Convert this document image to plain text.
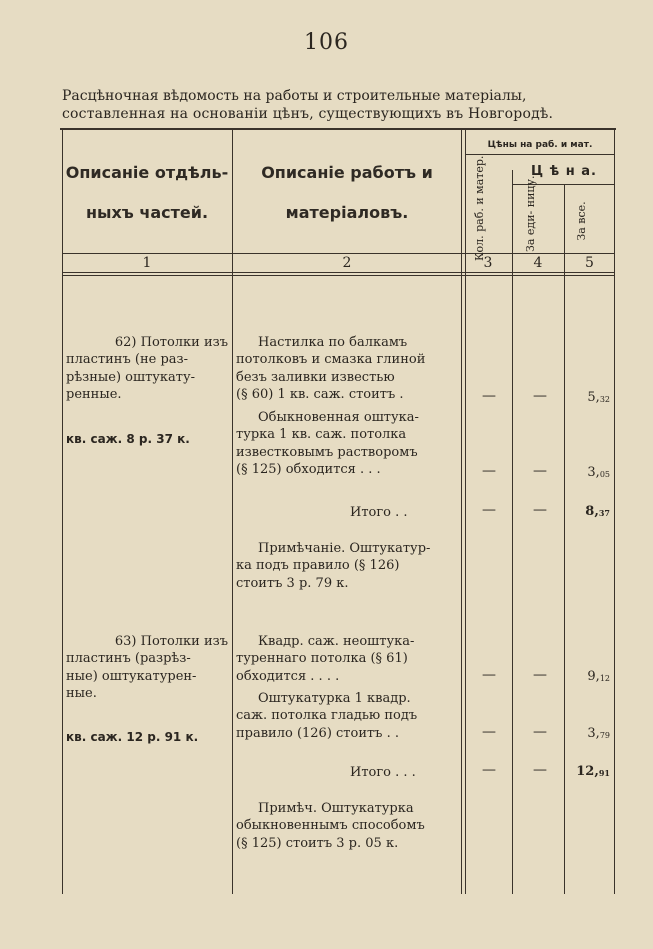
106
Расцѣночная вѣдомость на работы и строительные матеріалы,
составленная на основаніи цѣнъ, существующихъ въ Новгородѣ.
Описаніе отдѣль-
ныхъ частей.
Описаніе работъ и
матеріаловъ.
Цѣны на раб. и мат.
Ц ѣ н а.
Кол. раб. и матер.	За еди- ницу.	За все.
1	2	3	4	5
62) Потолки изъ
пластинъ (не раз-
рѣзные) оштукату-
ренные.
кв. саж. 8 р. 37 к.
Настилка по балкамъ
потолковъ и смазка глиной
безъ заливки известью
(§ 60) 1 кв. саж. стоитъ .	—	—	$5,_{32}$
Обыкновенная оштука-
турка 1 кв. саж. потолка
известковымъ растворомъ
(§ 125) обходится . . .	—	—	$3,_{05}$
Итого . .	—	—	$8,_{37}$
Примѣчаніе. Оштукатур-
ка подъ правило (§ 126)
стоитъ 3 р. 79 к.
63) Потолки изъ
пластинъ (разрѣз-
ные) оштукатурен-
ные.
кв. саж. 12 р. 91 к.
Квадр. саж. неоштука-
туреннаго потолка (§ 61)
обходится . . . .	—	—	$9,_{12}$
Оштукатурка 1 квадр.
саж. потолка гладью подъ
правило (126) стоитъ . .	—	—	$3,_{79}$
Итого . . .	—	—	$12,_{91}$
Примѣч. Оштукатурка
обыкновеннымъ способомъ
(§ 125) стоитъ 3 р. 05 к.
